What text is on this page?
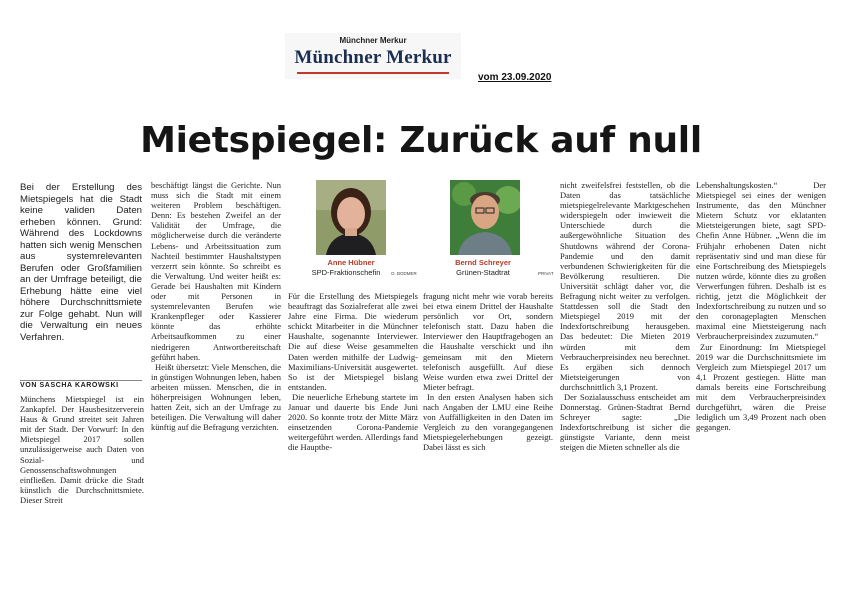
Münchner Merkur
Münchner Merkur
vom 23.09.2020
Mietspiegel: Zurück auf null
Bei der Erstellung des Mietspiegels hat die Stadt keine validen Daten erheben können. Grund: Während des Lockdowns hatten sich wenig Menschen aus systemrelevanten Berufen oder Großfamilien an der Umfrage beteiligt, die Erhebung hätte eine viel höhere Durchschnittsmiete zur Folge gehabt. Nun will die Verwaltung ein neues Verfahren.
VON SASCHA KAROWSKI

Münchens Mietspiegel ist ein Zankapfel. Der Hausbesitzerverein Haus & Grund streitet seit Jahren mit der Stadt. Der Vorwurf: In den Mietspiegel 2017 sollen unzulässigerweise auch Daten von Sozial- und Genossenschaftswohnungen einfließen. Damit drücke die Stadt künstlich die Durchschnittsmiete. Dieser Streit

beschäftigt längst die Gerichte. Nun muss sich die Stadt mit einem weiteren Problem beschäftigen. Denn: Es bestehen Zweifel an der Validität der Umfrage, die möglicherweise durch die veränderte Lebens- und Arbeitssituation zum Nachteil bestimmter Haushaltstypen verzerrt sein könnte. So schreibt es die Verwaltung. Und weiter heißt es: Gerade bei Haushalten mit Kindern oder mit Personen in systemrelevanten Berufen wie Krankenpfleger oder Kassierer könnte das erhöhte Arbeitsaufkommen zu einer niedrigeren Antwortbereitschaft geführt haben.

Heißt übersetzt: Viele Menschen, die in günstigen Wohnungen leben, haben arbeiten müssen. Menschen, die in höherpreisigen Wohnungen leben, hatten Zeit, sich an der Umfrage zu beteiligen. Die Verwaltung will daher künftig auf die Befragung verzichten.

Anne Hübner
SPD-Fraktionschefin	O. BODMER
Bernd Schreyer
Grünen-Stadtrat	PRIVAT

Für die Erstellung des Mietspiegels beauftragt das Sozialreferat alle zwei Jahre eine Firma. Die wiederum schickt Mitarbeiter in die Münchner Haushalte, sogenannte Interviewer. Die auf diese Weise gesammelten Daten werden mithilfe der Ludwig-Maximilians-Universität ausgewertet. So ist der Mietspiegel bislang entstanden.

Die neuerliche Erhebung startete im Januar und dauerte bis Ende Juni 2020. So konnte trotz der Mitte März einsetzenden Corona-Pandemie weitergeführt werden. Allerdings fand die Hauptbe-

fragung nicht mehr wie vorab bereits bei etwa einem Drittel der Haushalte persönlich vor Ort, sondern telefonisch statt. Dazu haben die Interviewer den Hauptfragebogen an die Haushalte verschickt und ihn gemeinsam mit den Mietern telefonisch ausgefüllt. Auf diese Weise wurden etwa zwei Drittel der Mieter befragt.

In den ersten Analysen haben sich nach Angaben der LMU eine Reihe von Auffälligkeiten in den Daten im Vergleich zu den vorangegangenen Mietspiegelerhebungen gezeigt. Dabei lässt es sich

nicht zweifelsfrei feststellen, ob die Daten das tatsächliche mietspiegelrelevante Marktgeschehen widerspiegeln oder inwieweit die Unterschiede durch die außergewöhnliche Situation des Shutdowns während der Corona-Pandemie und den damit verbundenen Schwierigkeiten für die Bevölkerung resultieren. Die Universität schlägt daher vor, die Befragung nicht weiter zu verfolgen. Stattdessen soll die Stadt den Mietspiegel 2019 mit der Indexfortschreibung herausgeben. Das bedeutet: Die Mieten 2019 würden mit dem Verbraucherpreisindex neu berechnet. Es ergäben sich dennoch Mietsteigerungen von durchschnittlich 3,1 Prozent.

Der Sozialausschuss entscheidet am Donnerstag. Grünen-Stadtrat Bernd Schreyer sagte: „Die Indexfortschreibung ist sicher die günstigste Variante, denn meist steigen die Mieten schneller als die

Lebenshaltungskosten.“ Der Mietspiegel sei eines der wenigen Instrumente, das den Münchner Mietern Schutz vor eklatanten Mietsteigerungen biete, sagt SPD-Chefin Anne Hübner. „Wenn die im Frühjahr erhobenen Daten nicht repräsentativ sind und man diese für eine Fortschreibung des Mietspiegels nutzen würde, könnte dies zu großen Verwerfungen führen. Deshalb ist es richtig, jetzt die Möglichkeit der Indexfortschreibung zu nutzen und so den coronageplagten Menschen maximal eine Mietsteigerung nach Verbraucherpreisindex zuzumuten.“

Zur Einordnung: Im Mietspiegel 2019 war die Durchschnittsmiete im Vergleich zum Mietspiegel 2017 um 4,1 Prozent gestiegen. Hätte man damals bereits eine Fortschreibung mit dem Verbraucherpreisindex durchgeführt, wären die Preise lediglich um 3,49 Prozent nach oben gegangen.
